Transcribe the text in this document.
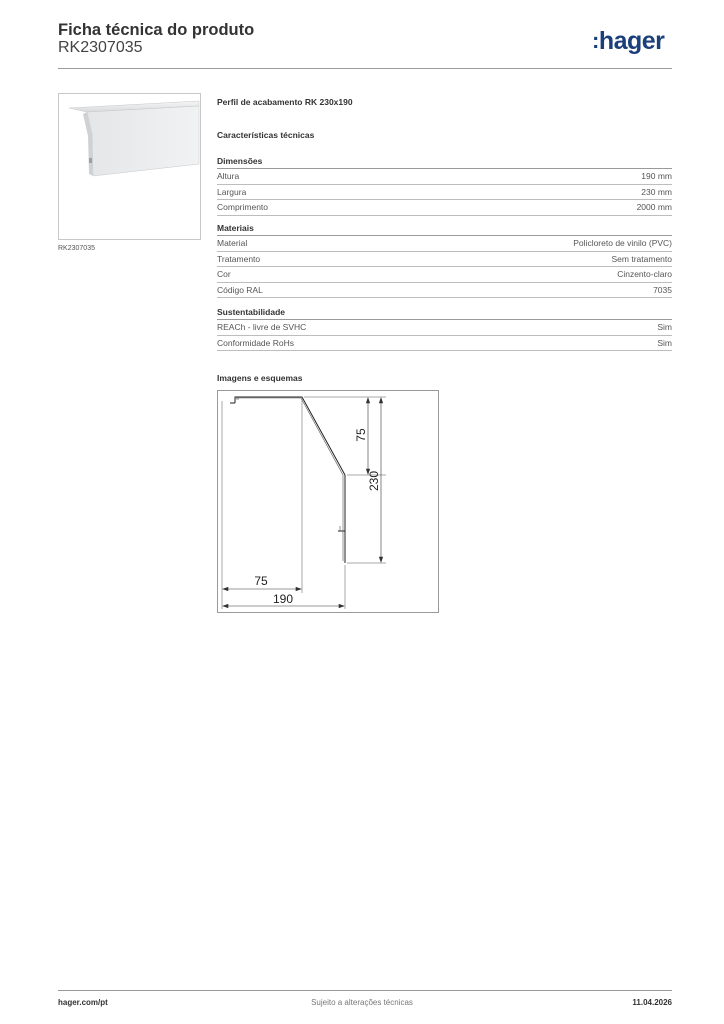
Ficha técnica do produto
RK2307035	:hager
RK2307035
Perfil de acabamento RK 230x190
Características técnicas
Dimensões
Altura	190 mm
Largura	230 mm
Comprimento	2000 mm
Materiais
Material	Policloreto de vinilo (PVC)
Tratamento	Sem tratamento
Cor	Cinzento-claro
Código RAL	7035
Sustentabilidade
REACh - livre de SVHC	Sim
Conformidade RoHs	Sim
Imagens e esquemas
75
230
75
190
Sujeito a alterações técnicas
hager.com/pt	11.04.2026
